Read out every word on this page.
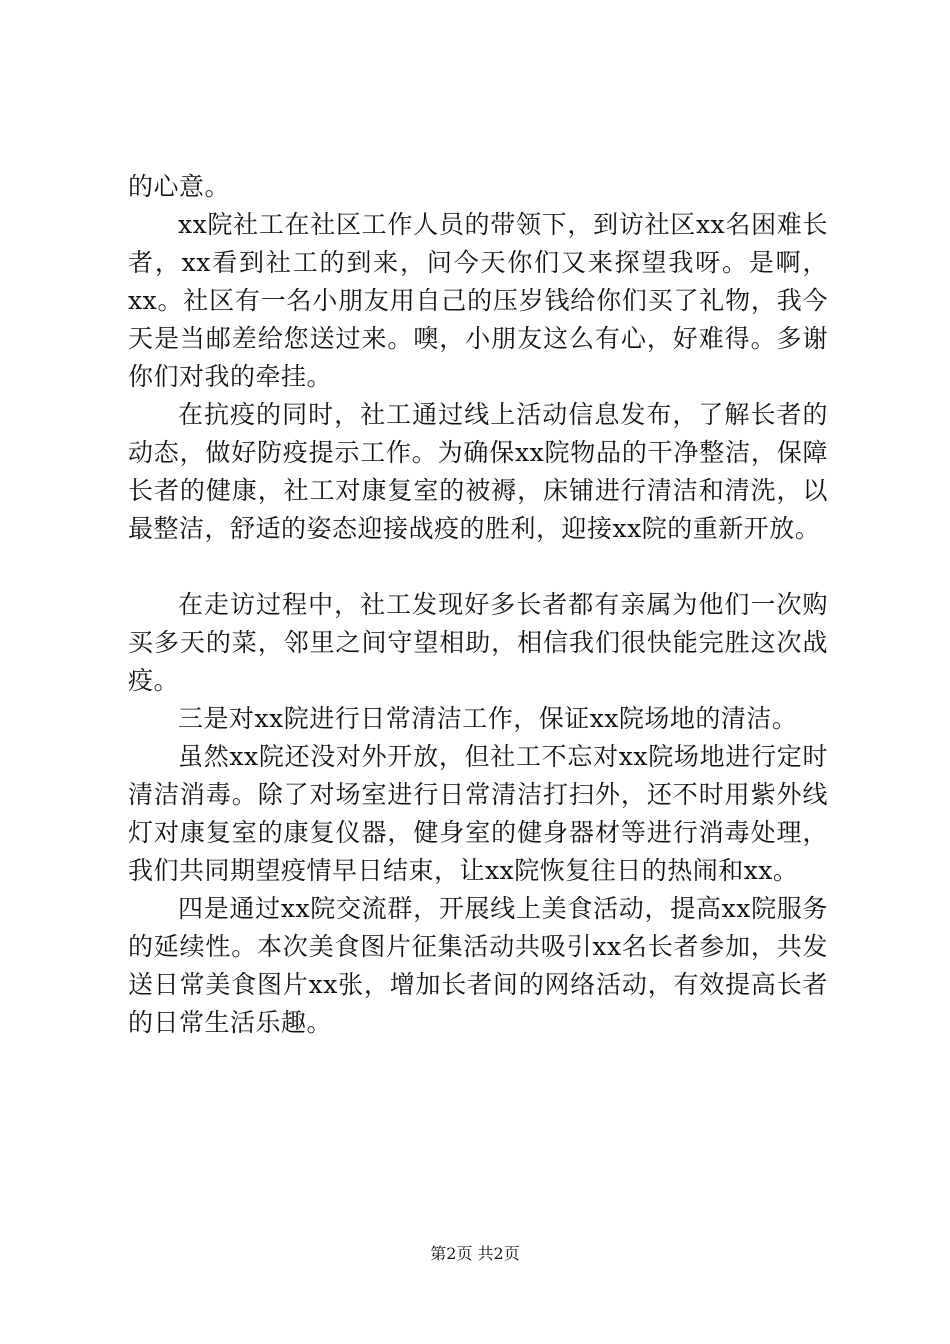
的心意。

xx院社工在社区工作人员的带领下，到访社区xx名困难长者，xx看到社工的到来，问今天你们又来探望我呀。是啊，xx。社区有一名小朋友用自己的压岁钱给你们买了礼物，我今天是当邮差给您送过来。噢，小朋友这么有心，好难得。多谢你们对我的牵挂。

在抗疫的同时，社工通过线上活动信息发布，了解长者的动态，做好防疫提示工作。为确保xx院物品的干净整洁，保障长者的健康，社工对康复室的被褥，床铺进行清洁和清洗，以最整洁，舒适的姿态迎接战疫的胜利，迎接xx院的重新开放。

在走访过程中，社工发现好多长者都有亲属为他们一次购买多天的菜，邻里之间守望相助，相信我们很快能完胜这次战疫。

三是对xx院进行日常清洁工作，保证xx院场地的清洁。

虽然xx院还没对外开放，但社工不忘对xx院场地进行定时清洁消毒。除了对场室进行日常清洁打扫外，还不时用紫外线灯对康复室的康复仪器，健身室的健身器材等进行消毒处理，我们共同期望疫情早日结束，让xx院恢复往日的热闹和xx。

四是通过xx院交流群，开展线上美食活动，提高xx院服务的延续性。本次美食图片征集活动共吸引xx名长者参加，共发送日常美食图片xx张，增加长者间的网络活动，有效提高长者的日常生活乐趣。

第2页 共2页
